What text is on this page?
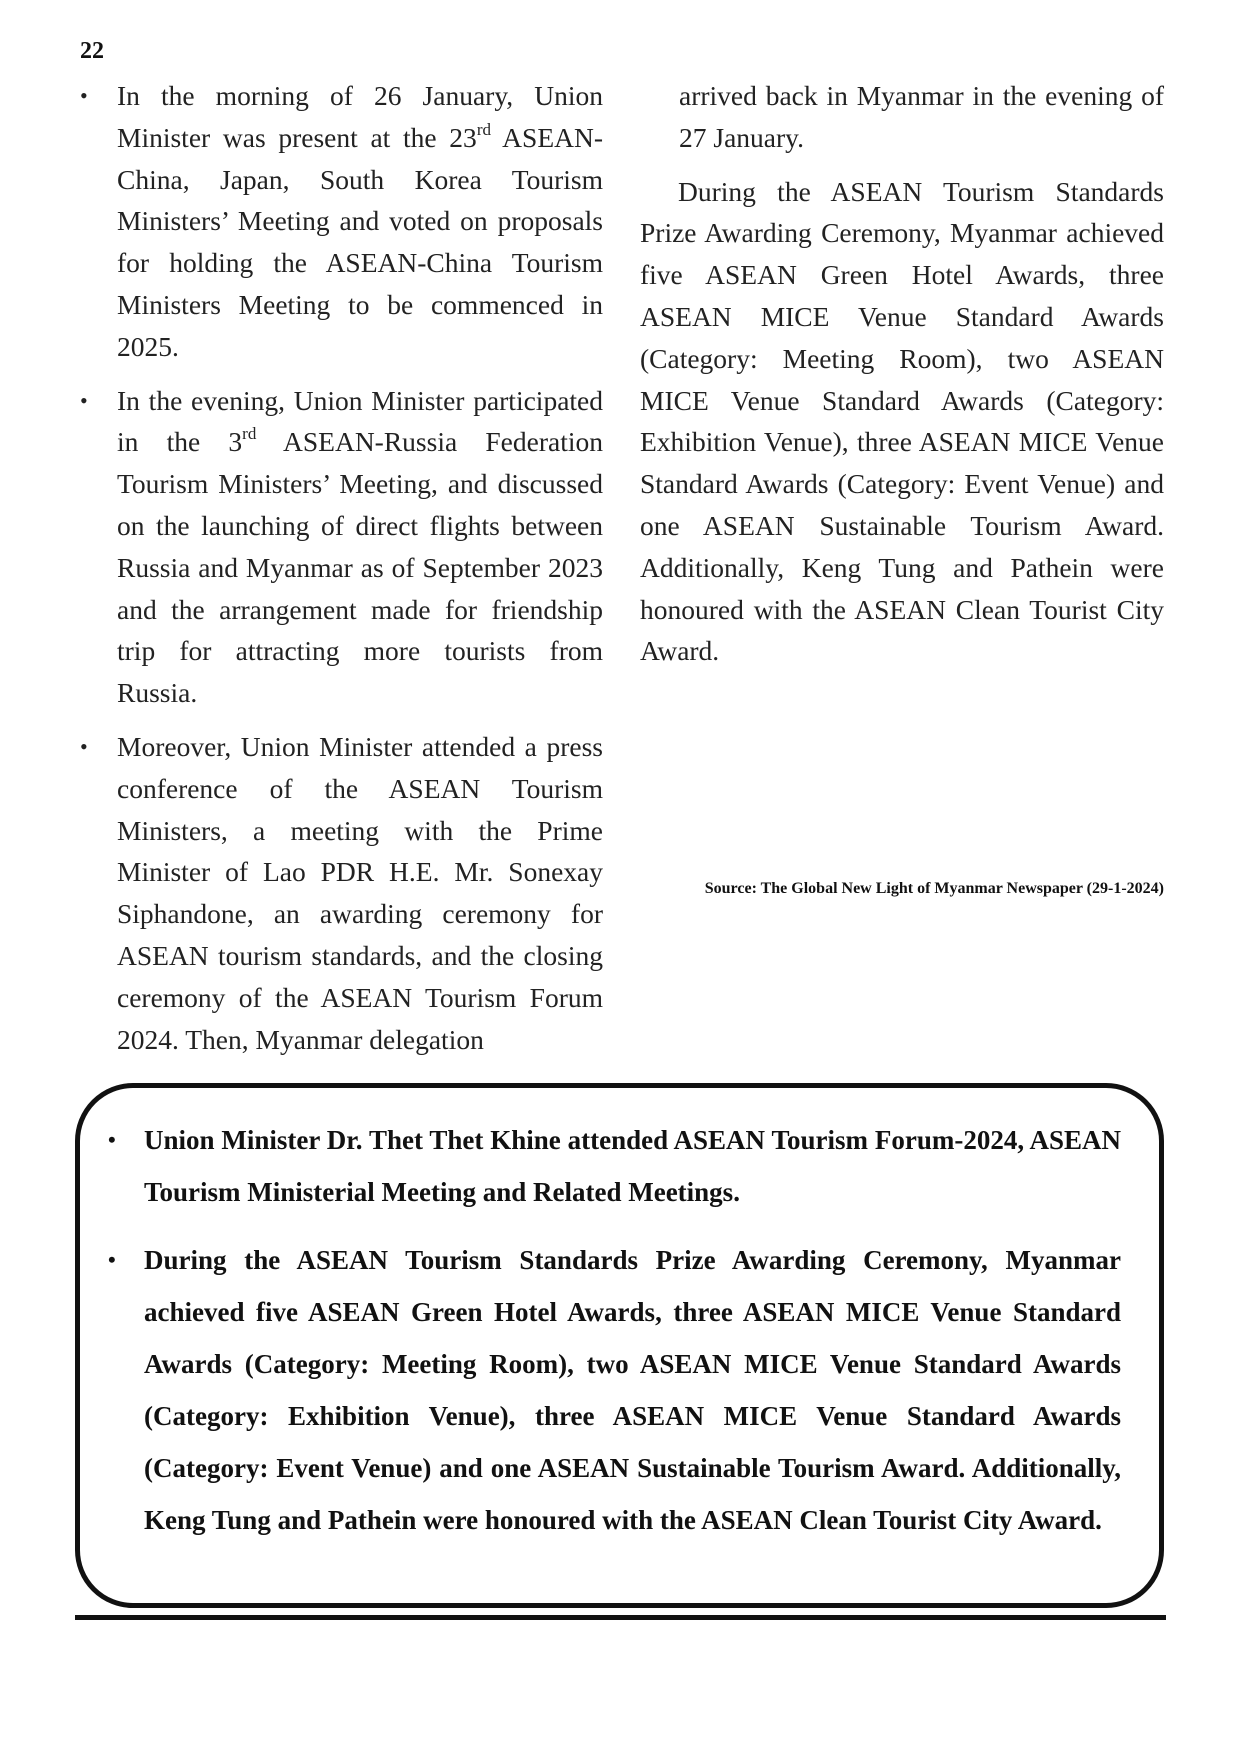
22
• In the morning of 26 January, Union Minister was present at the 23rd ASEAN-China, Japan, South Korea Tourism Ministers’ Meeting and voted on proposals for holding the ASEAN-China Tourism Ministers Meeting to be commenced in 2025.
• In the evening, Union Minister participated in the 3rd ASEAN-Russia Federation Tourism Ministers’ Meeting, and discussed on the launching of direct flights between Russia and Myanmar as of September 2023 and the arrangement made for friendship trip for attracting more tourists from Russia.
• Moreover, Union Minister attended a press conference of the ASEAN Tourism Ministers, a meeting with the Prime Minister of Lao PDR H.E. Mr. Sonexay Siphandone, an awarding ceremony for ASEAN tourism standards, and the closing ceremony of the ASEAN Tourism Forum 2024. Then, Myanmar delegation

arrived back in Myanmar in the evening of 27 January.

During the ASEAN Tourism Standards Prize Awarding Ceremony, Myanmar achieved five ASEAN Green Hotel Awards, three ASEAN MICE Venue Standard Awards (Category: Meeting Room), two ASEAN MICE Venue Standard Awards (Category: Exhibition Venue), three ASEAN MICE Venue Standard Awards (Category: Event Venue) and one ASEAN Sustainable Tourism Award. Additionally, Keng Tung and Pathein were honoured with the ASEAN Clean Tourist City Award.

Source: The Global New Light of Myanmar Newspaper (29-1-2024)
• Union Minister Dr. Thet Thet Khine attended ASEAN Tourism Forum-2024, ASEAN Tourism Ministerial Meeting and Related Meetings.
• During the ASEAN Tourism Standards Prize Awarding Ceremony, Myanmar achieved five ASEAN Green Hotel Awards, three ASEAN MICE Venue Standard Awards (Category: Meeting Room), two ASEAN MICE Venue Standard Awards (Category: Exhibition Venue), three ASEAN MICE Venue Standard Awards (Category: Event Venue) and one ASEAN Sustainable Tourism Award. Additionally, Keng Tung and Pathein were honoured with the ASEAN Clean Tourist City Award.
